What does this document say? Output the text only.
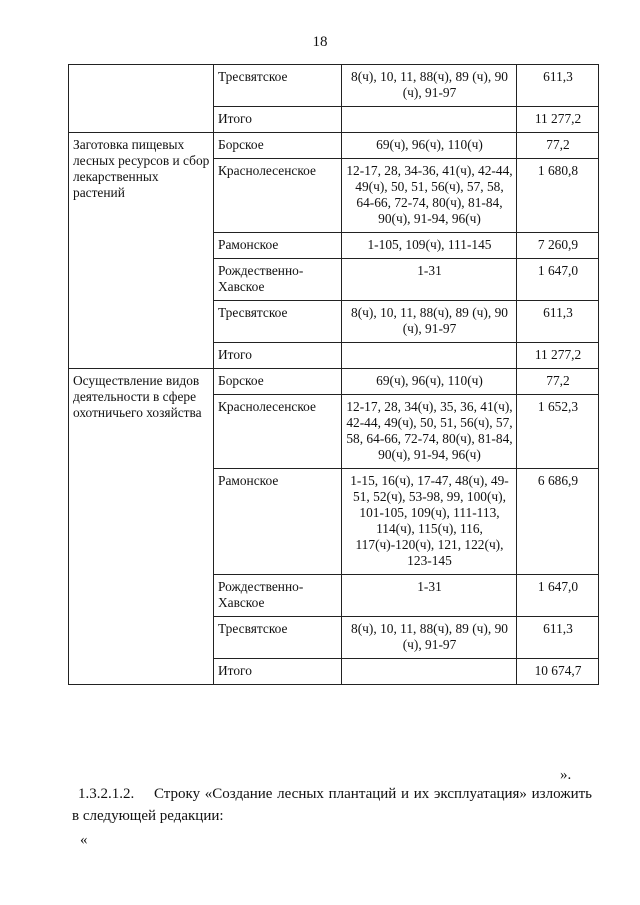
18
	Тресвятское	8(ч), 10, 11, 88(ч), 89 (ч), 90 (ч), 91-97	611,3
	Итого		11 277,2
Заготовка пищевых лесных ресурсов и сбор лекарственных растений	Борское	69(ч), 96(ч), 110(ч)	77,2
	Краснолесенское	12-17, 28, 34-36, 41(ч), 42-44, 49(ч), 50, 51, 56(ч), 57, 58, 64-66, 72-74, 80(ч), 81-84, 90(ч), 91-94, 96(ч)	1 680,8
	Рамонское	1-105, 109(ч), 111-145	7 260,9
	Рождественно-Хавское	1-31	1 647,0
	Тресвятское	8(ч), 10, 11, 88(ч), 89 (ч), 90 (ч), 91-97	611,3
	Итого		11 277,2
Осуществление видов деятельности в сфере охотничьего хозяйства	Борское	69(ч), 96(ч), 110(ч)	77,2
	Краснолесенское	12-17, 28, 34(ч), 35, 36, 41(ч), 42-44, 49(ч), 50, 51, 56(ч), 57, 58, 64-66, 72-74, 80(ч), 81-84, 90(ч), 91-94, 96(ч)	1 652,3
	Рамонское	1-15, 16(ч), 17-47, 48(ч), 49-51, 52(ч), 53-98, 99, 100(ч), 101-105, 109(ч), 111-113, 114(ч), 115(ч), 116, 117(ч)-120(ч), 121, 122(ч), 123-145	6 686,9
	Рождественно-Хавское	1-31	1 647,0
	Тресвятское	8(ч), 10, 11, 88(ч), 89 (ч), 90 (ч), 91-97	611,3
	Итого		10 674,7
».
1.3.2.1.2.  Строку «Создание лесных плантаций и их эксплуатация» изложить в следующей редакции:
«
